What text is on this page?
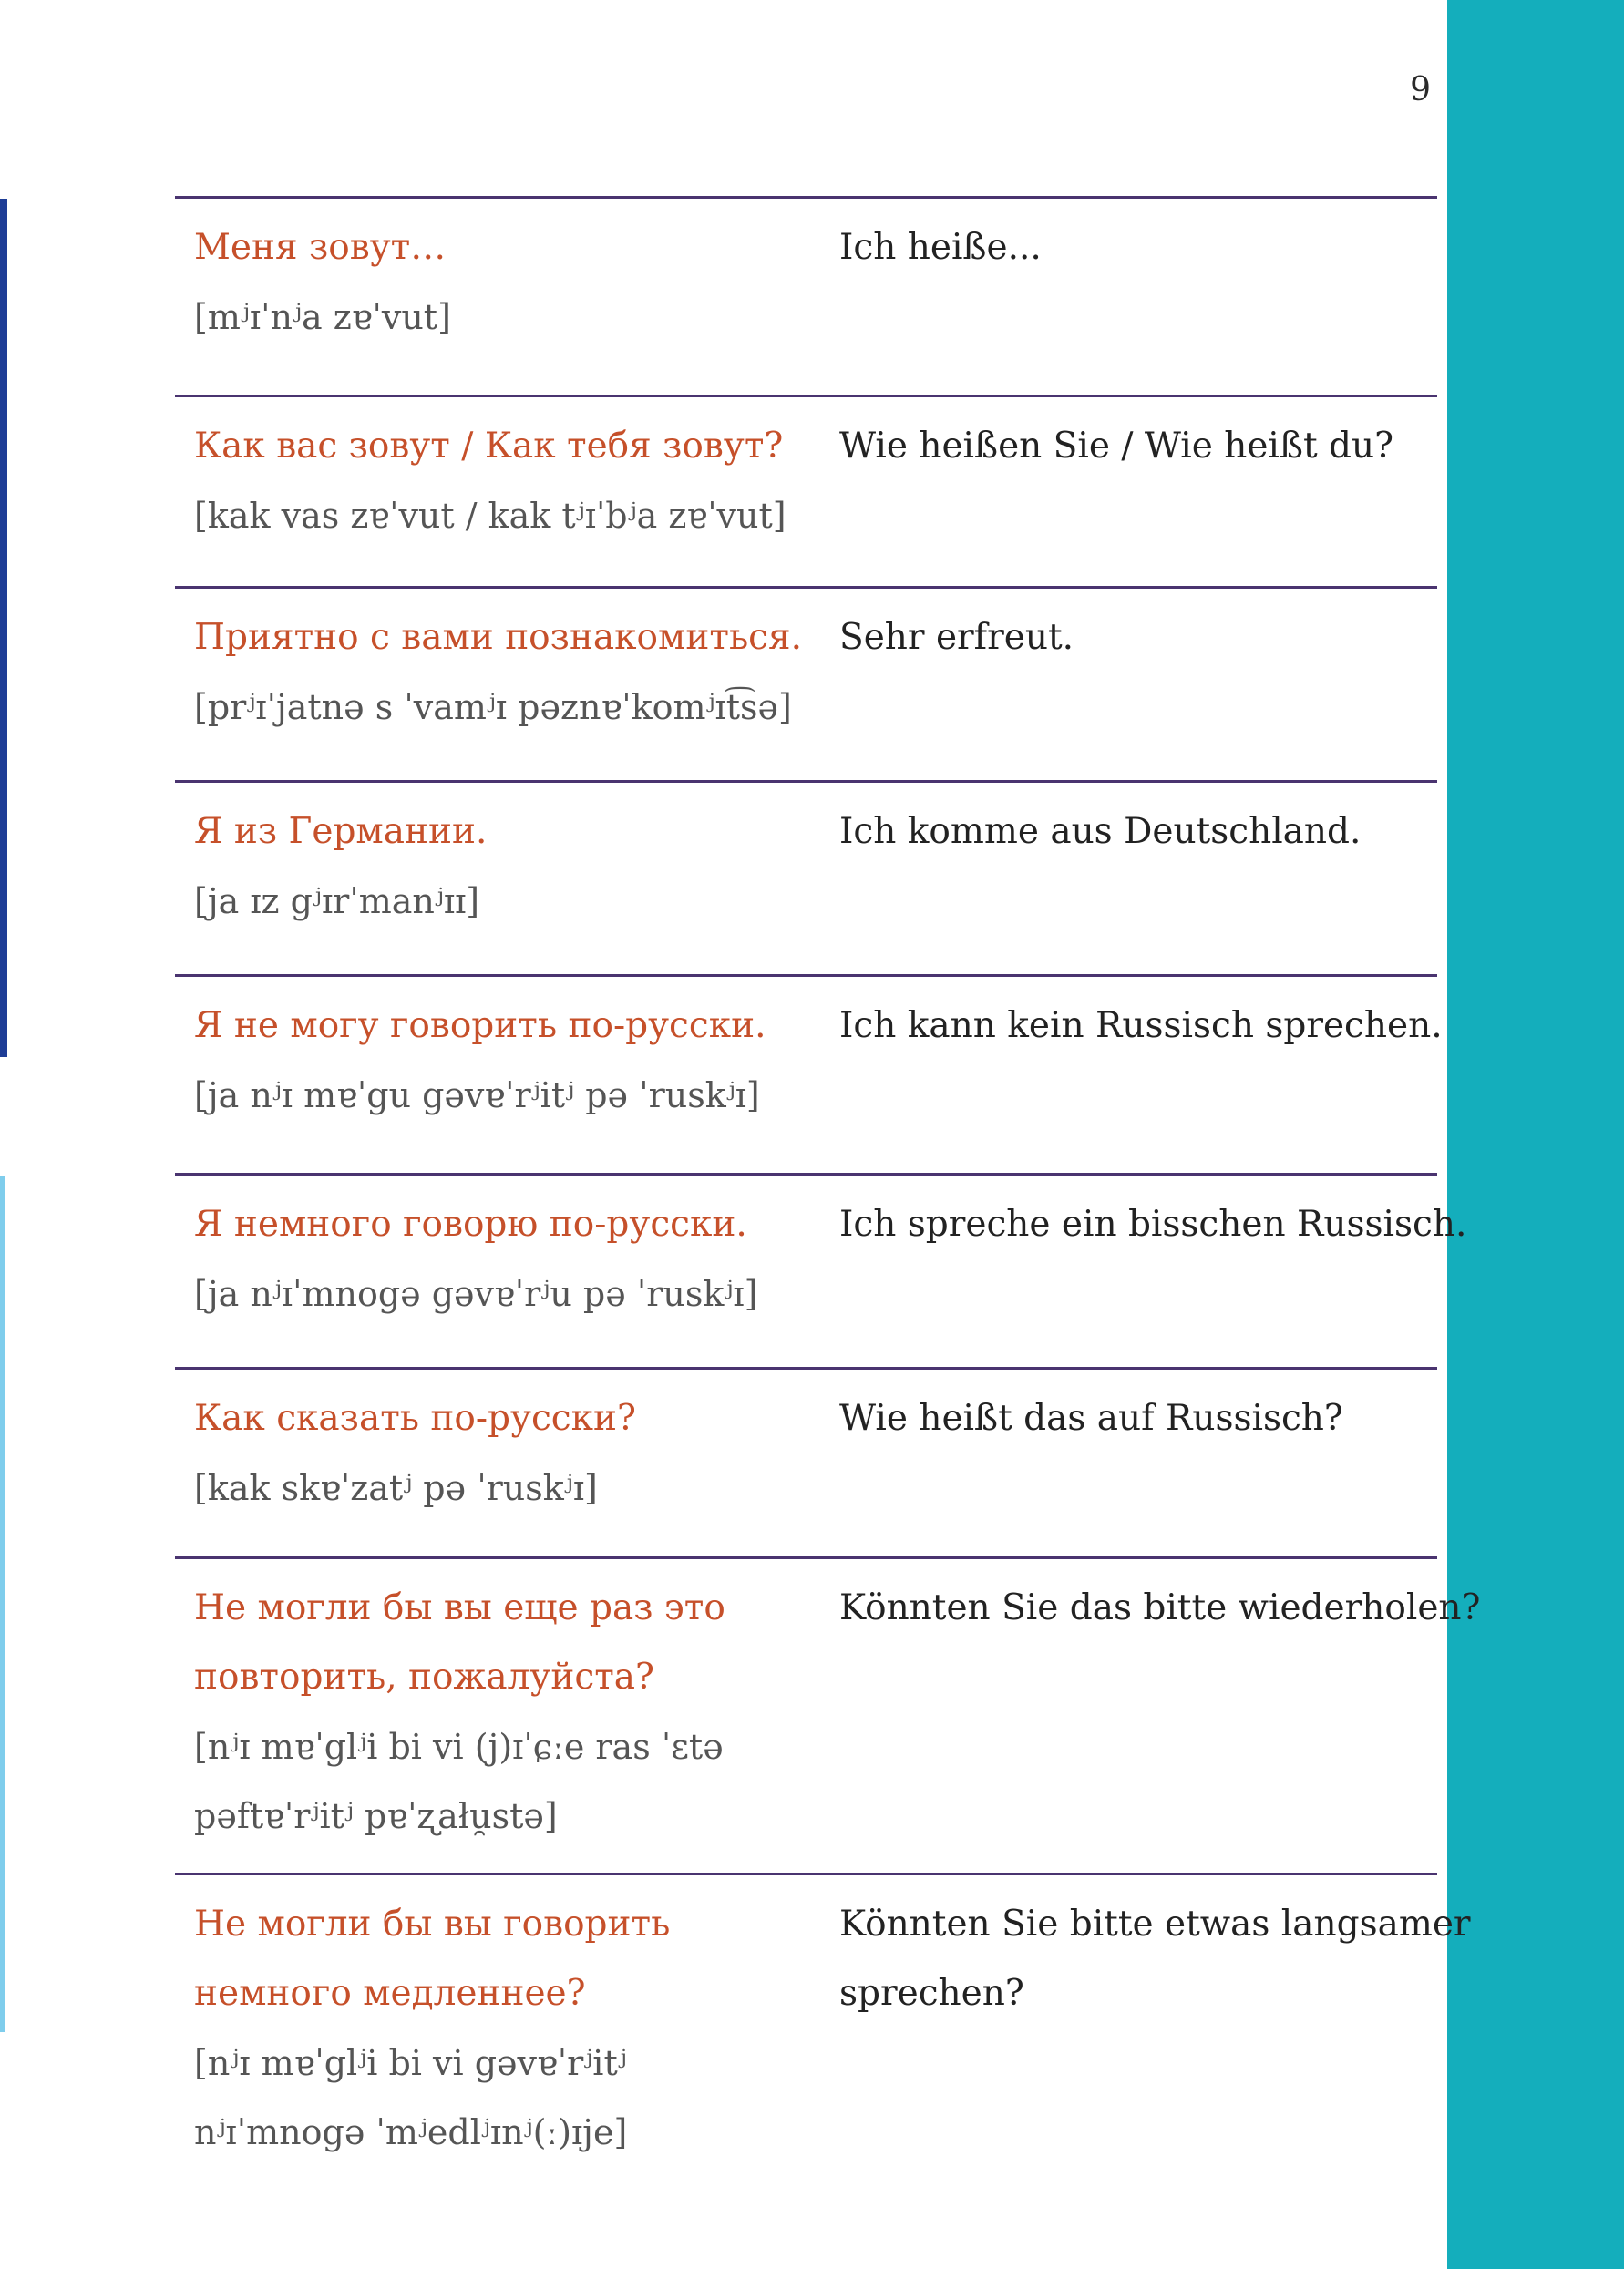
9
Меня зовут…
[mʲɪˈnʲa zɐˈvut]
Ich heiße...
Как вас зовут / Как тебя зовут?
[kak vas zɐˈvut / kak tʲɪˈbʲa zɐˈvut]
Wie heißen Sie / Wie heißt du?
Приятно с вами познакомиться.
[prʲɪˈjatnə s ˈvamʲɪ pəznɐˈkomʲɪt͡sə]
Sehr erfreut.
Я из Германии.
[ja ɪz gʲɪrˈmanʲɪɪ]
Ich komme aus Deutschland.
Я не могу говорить по-русски.
[ja nʲɪ mɐˈgu gəvɐˈrʲitʲ pə ˈruskʲɪ]
Ich kann kein Russisch sprechen.
Я немного говорю по-русски.
[ja nʲɪˈmnogə gəvɐˈrʲu pə ˈruskʲɪ]
Ich spreche ein bisschen Russisch.
Как сказать по-русски?
[kak skɐˈzatʲ pə ˈruskʲɪ]
Wie heißt das auf Russisch?
Не могли бы вы еще раз это
повторить, пожалуйста?
[nʲɪ mɐˈglʲi bi vi (j)ɪˈɕːe ras ˈɛtə
pəftɐˈrʲitʲ pɐˈʐału̯stə]
Könnten Sie das bitte wiederholen?
Не могли бы вы говорить
немного медленнее?
[nʲɪ mɐˈglʲi bi vi gəvɐˈrʲitʲ
nʲɪˈmnogə ˈmʲedlʲɪnʲ(ː)ɪje]
Könnten Sie bitte etwas langsamer
sprechen?
